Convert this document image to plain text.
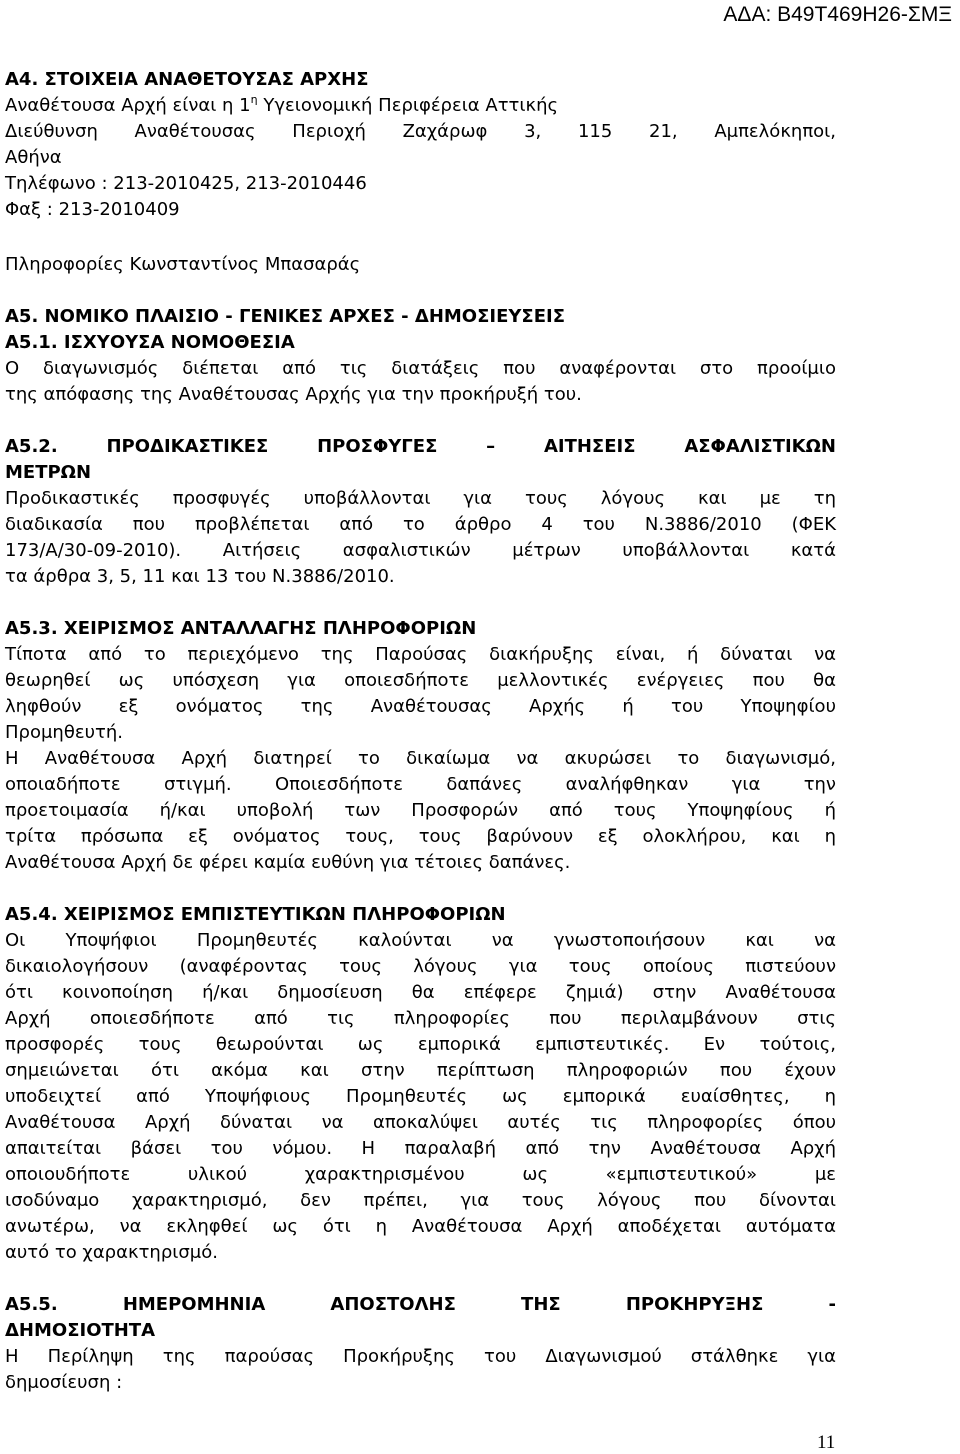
ΑΔΑ: Β49Τ469Η26-ΣΜΞ
Α4. ΣΤΟΙΧΕΙΑ ΑΝΑΘΕΤΟΥΣΑΣ ΑΡΧΗΣ
Αναθέτουσα Αρχή είναι η $1^\eta$ Υγειονομική Περιφέρεια Αττικής
Διεύθυνση Αναθέτουσας Περιοχή Ζαχάρωφ 3, 115 21, Αμπελόκηποι,
Αθήνα
Τηλέφωνο : 213-2010425, 213-2010446
Φαξ : 213-2010409
Πληροφορίες Κωνσταντίνος Μπασαράς
Α5. ΝΟΜΙΚΟ ΠΛΑΙΣΙΟ - ΓΕΝΙΚΕΣ ΑΡΧΕΣ - ΔΗΜΟΣΙΕΥΣΕΙΣ
Α5.1. ΙΣΧΥΟΥΣΑ ΝΟΜΟΘΕΣΙΑ
Ο διαγωνισμός διέπεται από τις διατάξεις που αναφέρονται στο προοίμιο
της απόφασης της Αναθέτουσας Αρχής για την προκήρυξή του.
Α5.2. ΠΡΟΔΙΚΑΣΤΙΚΕΣ ΠΡΟΣΦΥΓΕΣ – ΑΙΤΗΣΕΙΣ ΑΣΦΑΛΙΣΤΙΚΩΝ
ΜΕΤΡΩΝ
Προδικαστικές προσφυγές υποβάλλονται για τους λόγους και με τη
διαδικασία που προβλέπεται από το άρθρο 4 του Ν.3886/2010 (ΦΕΚ
173/Α/30-09-2010). Αιτήσεις ασφαλιστικών μέτρων υποβάλλονται κατά
τα άρθρα 3, 5, 11 και 13 του Ν.3886/2010.
Α5.3. ΧΕΙΡΙΣΜΟΣ ΑΝΤΑΛΛΑΓΗΣ ΠΛΗΡΟΦΟΡΙΩΝ
Τίποτα από το περιεχόμενο της Παρούσας διακήρυξης είναι, ή δύναται να
θεωρηθεί ως υπόσχεση για οποιεσδήποτε μελλοντικές ενέργειες που θα
ληφθούν εξ ονόματος της Αναθέτουσας Αρχής ή του Υποψηφίου
Προμηθευτή.
Η Αναθέτουσα Αρχή διατηρεί το δικαίωμα να ακυρώσει το διαγωνισμό,
οποιαδήποτε στιγμή. Οποιεσδήποτε δαπάνες αναλήφθηκαν για την
προετοιμασία ή/και υποβολή των Προσφορών από τους Υποψηφίους ή
τρίτα πρόσωπα εξ ονόματος τους, τους βαρύνουν εξ ολοκλήρου, και η
Αναθέτουσα Αρχή δε φέρει καμία ευθύνη για τέτοιες δαπάνες.
Α5.4. ΧΕΙΡΙΣΜΟΣ ΕΜΠΙΣΤΕΥΤΙΚΩΝ ΠΛΗΡΟΦΟΡΙΩΝ
Οι Υποψήφιοι Προμηθευτές καλούνται να γνωστοποιήσουν και να
δικαιολογήσουν (αναφέροντας τους λόγους για τους οποίους πιστεύουν
ότι κοινοποίηση ή/και δημοσίευση θα επέφερε ζημιά) στην Αναθέτουσα
Αρχή οποιεσδήποτε από τις πληροφορίες που περιλαμβάνουν στις
προσφορές τους θεωρούνται ως εμπορικά εμπιστευτικές. Εν τούτοις,
σημειώνεται ότι ακόμα και στην περίπτωση πληροφοριών που έχουν
υποδειχτεί από Υποψήφιους Προμηθευτές ως εμπορικά ευαίσθητες, η
Αναθέτουσα Αρχή δύναται να αποκαλύψει αυτές τις πληροφορίες όπου
απαιτείται βάσει του νόμου. Η παραλαβή από την Αναθέτουσα Αρχή
οποιουδήποτε υλικού χαρακτηρισμένου ως «εμπιστευτικού» με
ισοδύναμο χαρακτηρισμό, δεν πρέπει, για τους λόγους που δίνονται
ανωτέρω, να εκληφθεί ως ότι η Αναθέτουσα Αρχή αποδέχεται αυτόματα
αυτό το χαρακτηρισμό.
Α5.5. ΗΜΕΡΟΜΗΝΙΑ ΑΠΟΣΤΟΛΗΣ ΤΗΣ ΠΡΟΚΗΡΥΞΗΣ -
ΔΗΜΟΣΙΟΤΗΤΑ
Η Περίληψη της παρούσας Προκήρυξης του Διαγωνισμού στάλθηκε για
δημοσίευση :
11
